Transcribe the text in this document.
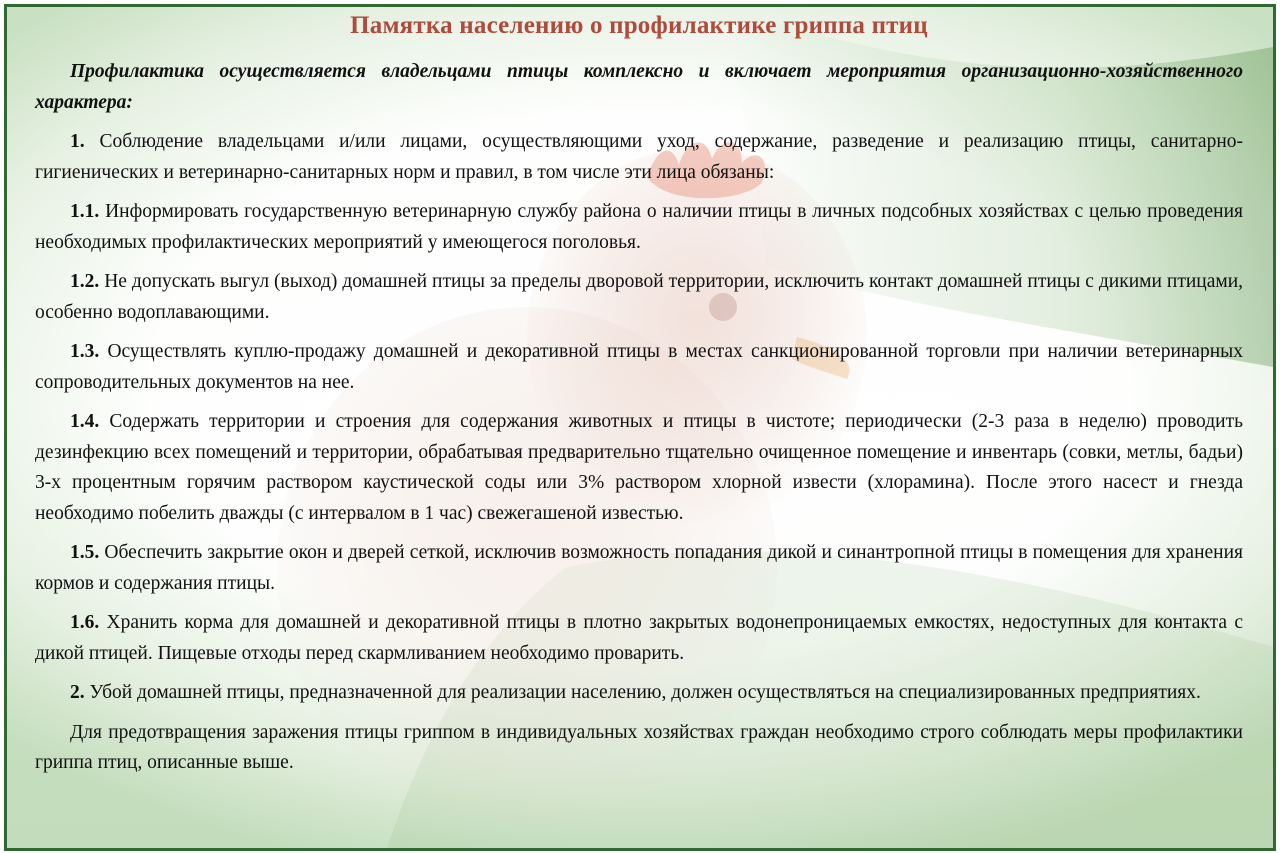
Памятка населению о профилактике гриппа птиц

Профилактика осуществляется владельцами птицы комплексно и включает мероприятия организационно-хозяйственного характера:

1. Соблюдение владельцами и/или лицами, осуществляющими уход, содержание, разведение и реализацию птицы, санитарно-гигиенических и ветеринарно-санитарных норм и правил, в том числе эти лица обязаны:

1.1. Информировать государственную ветеринарную службу района о наличии птицы в личных подсобных хозяйствах с целью проведения необходимых профилактических мероприятий у имеющегося поголовья.

1.2. Не допускать выгул (выход) домашней птицы за пределы дворовой территории, исключить контакт домашней птицы с дикими птицами, особенно водоплавающими.

1.3. Осуществлять куплю-продажу домашней и декоративной птицы в местах санкционированной торговли при наличии ветеринарных сопроводительных документов на нее.

1.4. Содержать территории и строения для содержания животных и птицы в чистоте; периодически (2-3 раза в неделю) проводить дезинфекцию всех помещений и территории, обрабатывая предварительно тщательно очищенное помещение и инвентарь (совки, метлы, бадьи) 3-х процентным горячим раствором каустической соды или 3% раствором хлорной извести (хлорамина). После этого насест и гнезда необходимо побелить дважды (с интервалом в 1 час) свежегашеной известью.

1.5. Обеспечить закрытие окон и дверей сеткой, исключив возможность попадания дикой и синантропной птицы в помещения для хранения кормов и содержания птицы.

1.6. Хранить корма для домашней и декоративной птицы в плотно закрытых водонепроницаемых емкостях, недоступных для контакта с дикой птицей. Пищевые отходы перед скармливанием необходимо проварить.

2. Убой домашней птицы, предназначенной для реализации населению, должен осуществляться на специализированных предприятиях.

Для предотвращения заражения птицы гриппом в индивидуальных хозяйствах граждан необходимо строго соблюдать меры профилактики гриппа птиц, описанные выше.
